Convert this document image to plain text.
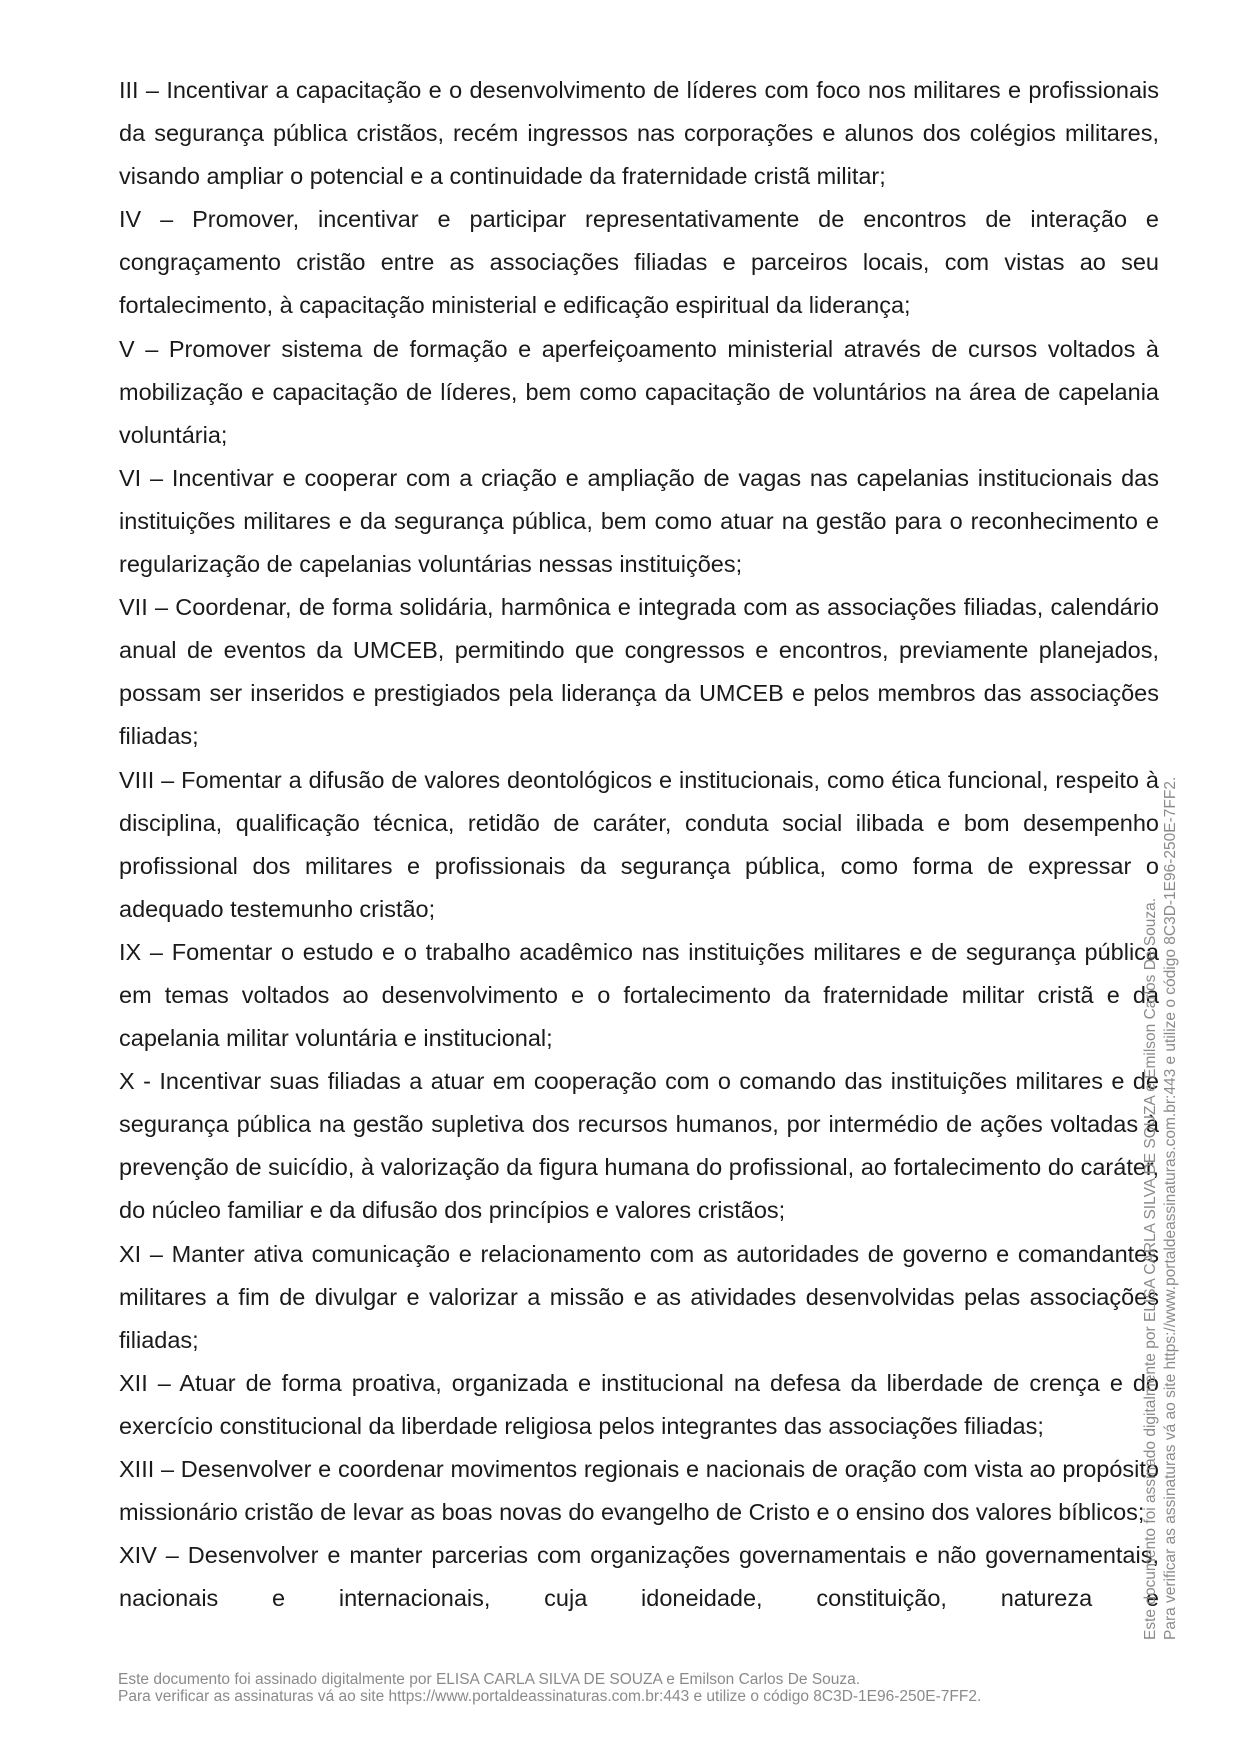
III – Incentivar a capacitação e o desenvolvimento de líderes com foco nos militares e profissionais da segurança pública cristãos, recém ingressos nas corporações e alunos dos colégios militares, visando ampliar o potencial e a continuidade da fraternidade cristã militar;

IV – Promover, incentivar e participar representativamente de encontros de interação e congraçamento cristão entre as associações filiadas e parceiros locais, com vistas ao seu fortalecimento, à capacitação ministerial e edificação espiritual da liderança;

V – Promover sistema de formação e aperfeiçoamento ministerial através de cursos voltados à mobilização e capacitação de líderes, bem como capacitação de voluntários na área de capelania voluntária;

VI – Incentivar e cooperar com a criação e ampliação de vagas nas capelanias institucionais das instituições militares e da segurança pública, bem como atuar na gestão para o reconhecimento e regularização de capelanias voluntárias nessas instituições;

VII – Coordenar, de forma solidária, harmônica e integrada com as associações filiadas, calendário anual de eventos da UMCEB, permitindo que congressos e encontros, previamente planejados, possam ser inseridos e prestigiados pela liderança da UMCEB e pelos membros das associações filiadas;

VIII – Fomentar a difusão de valores deontológicos e institucionais, como ética funcional, respeito à disciplina, qualificação técnica, retidão de caráter, conduta social ilibada e bom desempenho profissional dos militares e profissionais da segurança pública, como forma de expressar o adequado testemunho cristão;

IX – Fomentar o estudo e o trabalho acadêmico nas instituições militares e de segurança pública em temas voltados ao desenvolvimento e o fortalecimento da fraternidade militar cristã e da capelania militar voluntária e institucional;

X - Incentivar suas filiadas a atuar em cooperação com o comando das instituições militares e de segurança pública na gestão supletiva dos recursos humanos, por intermédio de ações voltadas à prevenção de suicídio, à valorização da figura humana do profissional, ao fortalecimento do caráter, do núcleo familiar e da difusão dos princípios e valores cristãos;

XI – Manter ativa comunicação e relacionamento com as autoridades de governo e comandantes militares a fim de divulgar e valorizar a missão e as atividades desenvolvidas pelas associações filiadas;

XII – Atuar de forma proativa, organizada e institucional na defesa da liberdade de crença e do exercício constitucional da liberdade religiosa pelos integrantes das associações filiadas;

XIII – Desenvolver e coordenar movimentos regionais e nacionais de oração com vista ao propósito missionário cristão de levar as boas novas do evangelho de Cristo e o ensino dos valores bíblicos;

XIV – Desenvolver e manter parcerias com organizações governamentais e não governamentais, nacionais e internacionais, cuja idoneidade, constituição, natureza e

Este documento foi assinado digitalmente por ELISA CARLA SILVA DE SOUZA e Emilson Carlos De Souza. Para verificar as assinaturas vá ao site https://www.portaldeassinaturas.com.br:443 e utilize o código 8C3D-1E96-250E-7FF2.
Este documento foi assinado digitalmente por ELISA CARLA SILVA DE SOUZA e Emilson Carlos De Souza.
Para verificar as assinaturas vá ao site https://www.portaldeassinaturas.com.br:443 e utilize o código 8C3D-1E96-250E-7FF2.
